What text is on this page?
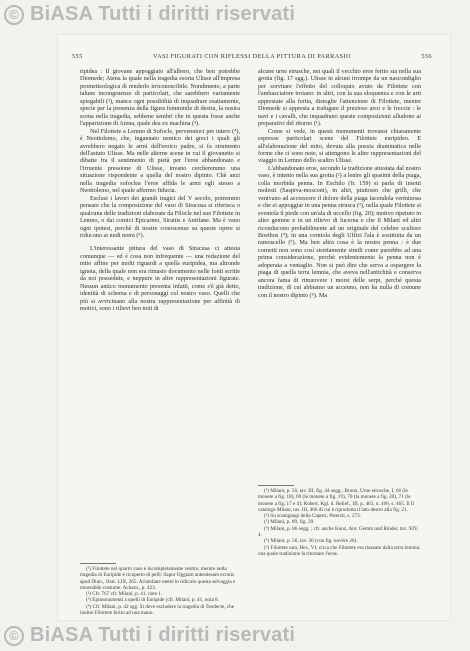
© BiASA Tutti i diritti riservati
555	VASI FIGURATI CON RIFLESSI DELLA PITTURA DI PARRASIO	556

ripidea : Il giovane appoggiato all'albero, che ben potrebbe Diomede; Atena la quale nella tragedia esorta Ulisse all'impresa prometteologica di renderlo irriconoscibile. Nondimeno, a parte talune incongruenze di particolari, che sarebbero variamente spiegabili (²), manca ogni possibilità di inquadrare esattamente, specie per la presenza della figura femminile di destra, la nostra scena nella tragedia, sebbene sembri che in questa fosse anche l'apparizione di Atena, quale dea ex machina (³).

Nel Filottete a Lemno di Sofocle, pervenutoci per intero (⁴), è Neottolemo, che, ingannato nemico dei greci i quali gli avrebbero negato le armi dell'eroico padre, si fa strumento dell'astuto Ulisse. Ma nelle alterne scene in cui il giovanetto si dibatte fra il sentimento di pietà per l'eroe abbandonato e l'irruente pressione di Ulisse, invano cercheremmo una situazione rispondente a quella del nostro dipinto. Chè anzi nella tragedia sofoclea l'eroe affida le armi egli stesso a Neottolemo, nel quale affermo fiducia.

Esclusi i lavori dei grandi tragici del V secolo, potremmo pensare che la composizione del vaso di Siracusa si riferisca o qualcuna delle tradizioni elaborate da Filocle nel suo Filottete in Lemno, o dai comici Epicarmo, Strattis e Antifane. Ma è vano ogni ipotesi, perchè di nostre conoscenze su queste opere si riducono ai nudi nomi (⁵).

L'interessante pittura del vaso di Siracusa ci attesta comunque — ed è cosa non infrequente — una redazione del mito affine per molti riguardi a quella euripidea, ma altronde ignota, della quale non era rimasto documento nelle fonti scritte da noi possedute, e neppure in altre rappresentazioni figurate. Nessun antico monumento presenta infatti, come s'è già detto, identità di schema e di personaggi col nostro vaso. Quelli che più si avvicinano alla nostra rappresentazione per affinità di motivi, sono i rilievi ben noti di

(¹) Filottete nel quarto vaso è incompletamente vestito, mentre nella tragedia di Euripide è ricoperto di pelli: Sapor Oggiam antesitesam ecrotis apud Diun., Orat. LIX, 265. Aristofane mette in ridicolo questa selvaggia e miserabile costume: Acharn., p. 423.

(²) Cfr. 767 cfr. Milani, p. 41, note 1.

(³) Epimonumenti a quelli di Euripide (cfr. Milani, p. 41, nota 8.

(⁴) Cfr. Milani, p. 42 sgg. Si deve escludere la tragedia di Teodecte, che inoltre Filottete ferito ad una mano.

alcune urne etrusche, nei quali il vecchio eroe ferito sta nella sua grotta (fig. 17 sgg.). Ulisse in alcuni irrompe da un nascondiglio per sorvitare l'effetto del colloquio avuto da Filottete con l'ambasciatore troiano: in altri, con la sua eloquenza e con le arti apprestate alla ferita, distoglie l'attenzione di Filottete, mentre Diomede si appresta a trafugare il prezioso arco e le freccie : le navi e i cavalli, che inquadrano queste composizioni alludono ai preparativi del ritorno (¹).

Come si vede, in questi monumenti trovansi chiaramente espresse particolari scene del Filottete euripideo. E all'elaborazione del mito, devuta alla poesia drammatica nelle forme che ci sono note, si attengono le altre rappresentazioni del viaggio in Lemno dello scaltro Ulisse.

L'abbandonato eroe, secondo la tradizione attestata dal nostro vaso, è intento nella sua grotta (²) a lenire gli spasimi della piaga, colla morbida penna. In Eschilo (fr. 159) si parla di insetti molesti (Saspiva-mosconi), in altri, piuttosto che grilli, che venivano ad accrescere il dolore della piaga facendola verminosa e che ei appoggiar in una penna strusca (³), nella quale Filottete si sventola il piede con un'ala di uccello (fig. 20); motivo ripetuto in altre gemme e in un rilievo di lucerna e che il Milani ed altri riconducono probabilmente ad un originale del celebre scultore Boethos (⁴); in una corniola degli Uffizi l'ala è sostituita da un ramoscello (⁵). Ma ben altra cosa è la nostra penna : è due cornetti non sono così strettamente simili come parrebbe ad una prima considerazione, perchè evidentemente la penna non è adoperata a ventaglio. Non si può dire che serva a ospargere la piaga di quella terra lemnia, che aveva nell'antichità e conserva ancora fama di rimuovere i morsi delle serpi, perchè questa tradizione, di cui abbiamo un accenno, non ha nulla di comune con il nostro dipinto (⁶). Ma

(¹) Milani, p. 56, tav. III, fig. 44 segg.; Brunn, Urne etrusche, I, 66 (le monete a fig. 18), 69 (le monete a fig. 19), 70 (la monete a fig. 20), 71 (le monete a fig. 17 e 4); Robert, Kgl. d. Relief., III, p. 463, n. 466, s. 465. Il Il catalogo Milani, tav. III, 466 di cui è riprodotta il lato destro alla fig. 21.

(²) Su scamgnagi della Caprez, Petersit, s. 273.

(³) Milani, p. 89, fig. 39.

(⁴) Milani, p. 86 segg. ; cfr. anche Kunz, Ant. Gemm und Rinder, tav. XIV, 4.

(⁵) Milani, p. 56, tav. 30 (con fig. novère 26).

(⁶) Filottete non, Her., VI, circa che Filottete era risanato dalla terra lemnia; una quale tradizione la ritornare l'eroe.

© BiASA Tutti i diritti riservati
